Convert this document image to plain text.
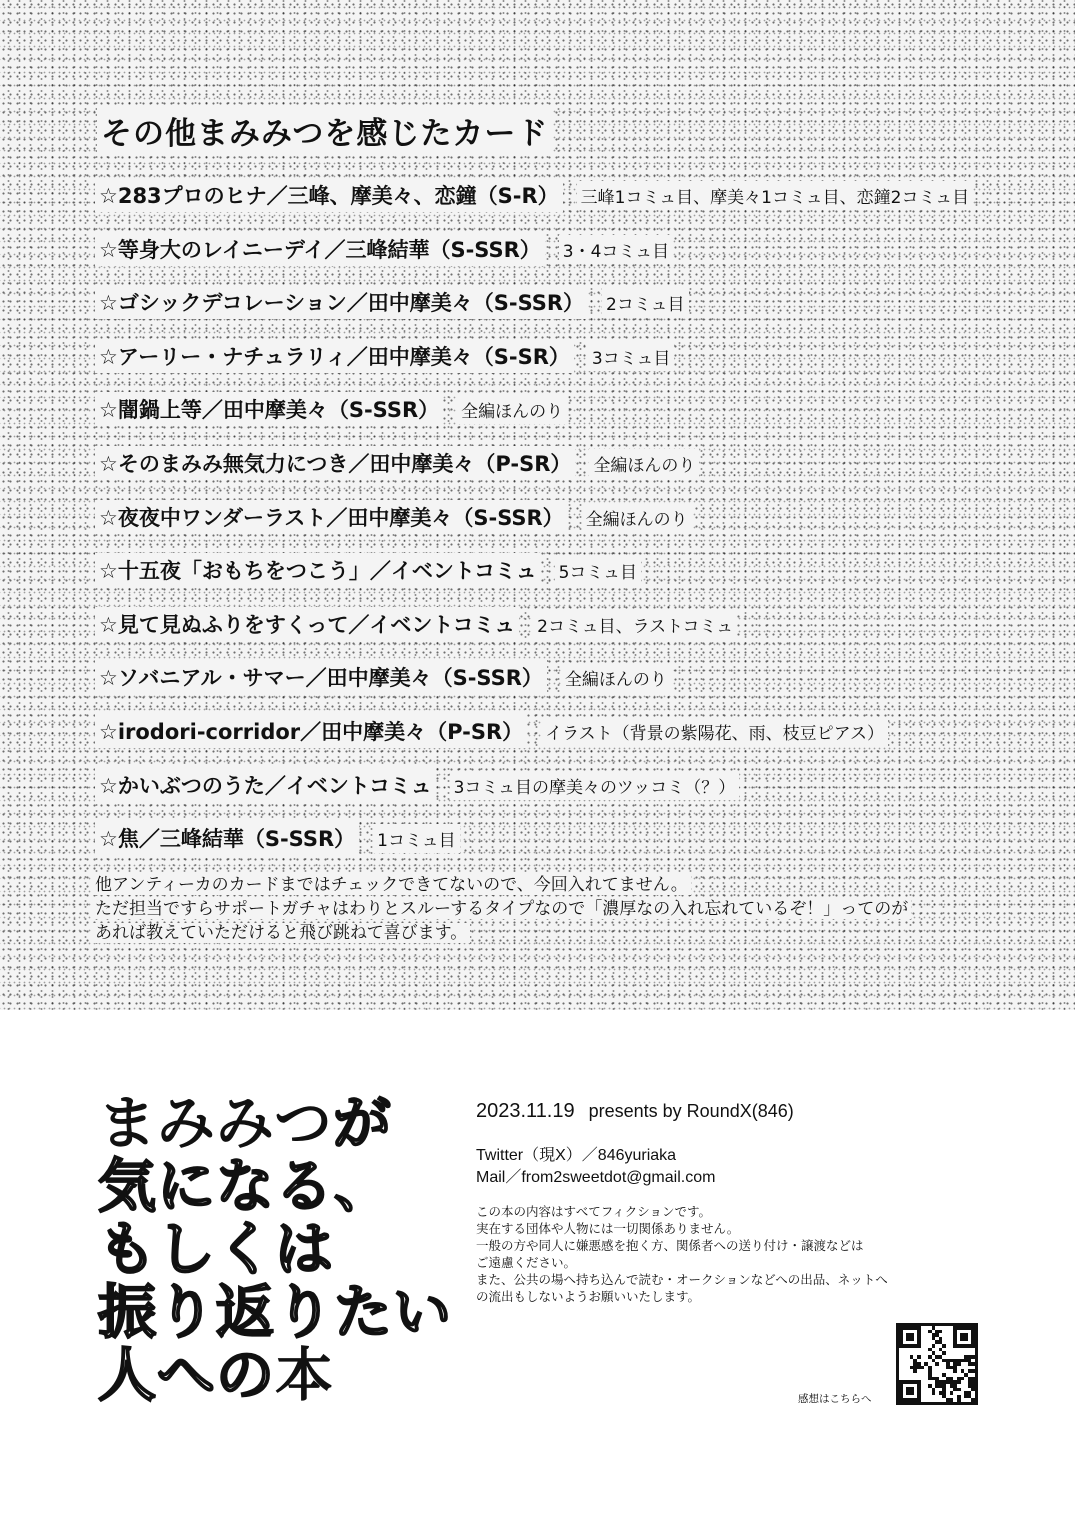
その他まみみつを感じたカード
☆283プロのヒナ／三峰、摩美々、恋鐘（S-R） 三峰1コミュ目、摩美々1コミュ目、恋鐘2コミュ目
☆等身大のレイニーデイ／三峰結華（S-SSR） 3・4コミュ目
☆ゴシックデコレーション／田中摩美々（S-SSR） 2コミュ目
☆アーリー・ナチュラリィ／田中摩美々（S-SR） 3コミュ目
☆闇鍋上等／田中摩美々（S-SSR） 全編ほんのり
☆そのまみみ無気力につき／田中摩美々（P-SR） 全編ほんのり
☆夜夜中ワンダーラスト／田中摩美々（S-SSR） 全編ほんのり
☆十五夜「おもちをつこう」／イベントコミュ 5コミュ目
☆見て見ぬふりをすくって／イベントコミュ 2コミュ目、ラストコミュ
☆ソバニアル・サマー／田中摩美々（S-SSR） 全編ほんのり
☆irodori-corridor／田中摩美々（P-SR） イラスト（背景の紫陽花、雨、枝豆ピアス）
☆かいぶつのうた／イベントコミュ 3コミュ目の摩美々のツッコミ（？）
☆焦／三峰結華（S-SSR） 1コミュ目
他アンティーカのカードまではチェックできてないので、今回入れてません。
ただ担当ですらサポートガチャはわりとスルーするタイプなので「濃厚なの入れ忘れているぞ！」ってのが
あれば教えていただけると飛び跳ねて喜びます。
まみみつが
気になる、
もしくは
振り返りたい
人への本
2023.11.19 presents by RoundX(846)
Twitter（現X）／846yuriaka
Mail／from2sweetdot@gmail.com
この本の内容はすべてフィクションです。
実在する団体や人物には一切関係ありません。
一般の方や同人に嫌悪感を抱く方、関係者への送り付け・譲渡などは
ご遠慮ください。
また、公共の場へ持ち込んで読む・オークションなどへの出品、ネットへ
の流出もしないようお願いいたします。
感想はこちらへ
